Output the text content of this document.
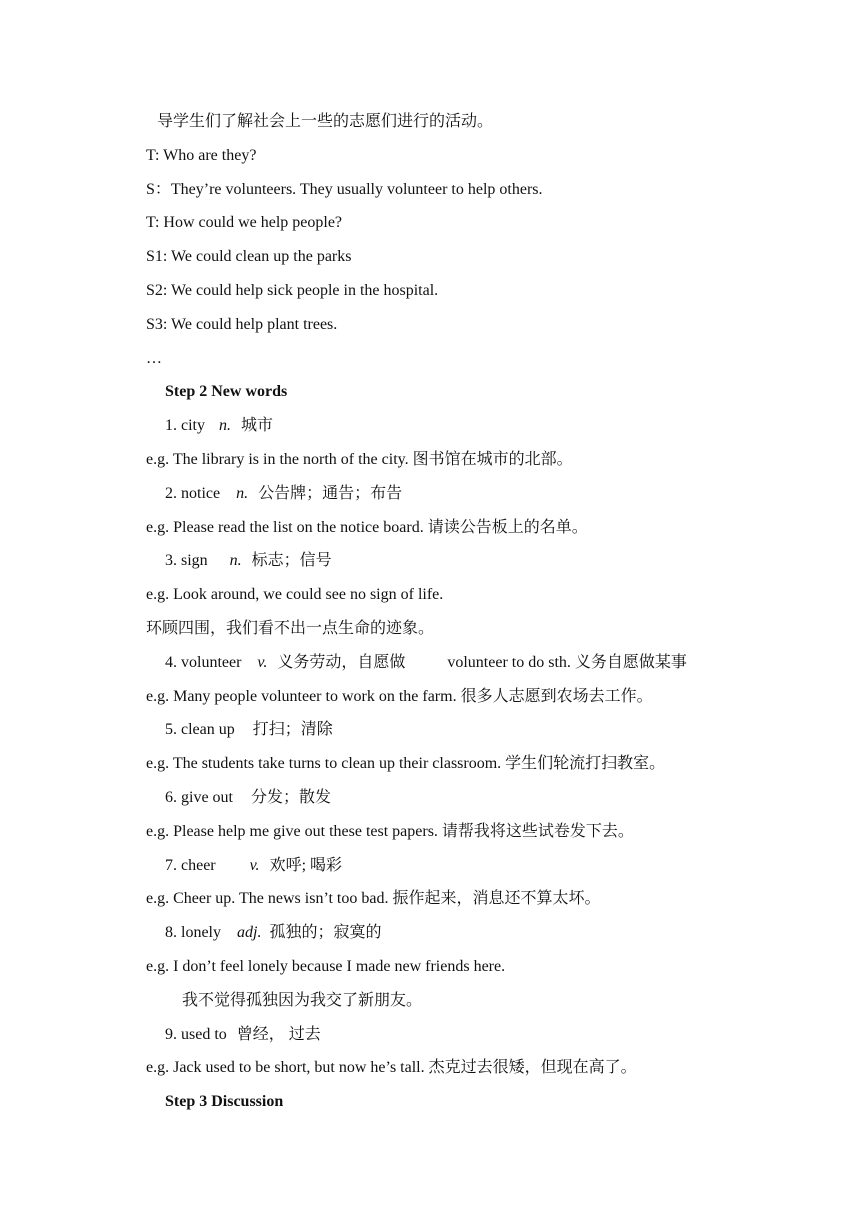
导学生们了解社会上一些的志愿们进行的活动。
T: Who are they?
S：They’re volunteers. They usually volunteer to help others.
T: How could we help people?
S1: We could clean up the parks
S2: We could help sick people in the hospital.
S3: We could help plant trees.
…
Step 2 New words
1. city n. 城市
e.g. The library is in the north of the city. 图书馆在城市的北部。
2. notice n. 公告牌；通告；布告
e.g. Please read the list on the notice board. 请读公告板上的名单。
3. sign n. 标志；信号
e.g. Look around, we could see no sign of life.
环顾四围，我们看不出一点生命的迹象。
4. volunteer v. 义务劳动，自愿做	volunteer to do sth. 义务自愿做某事
e.g. Many people volunteer to work on the farm. 很多人志愿到农场去工作。
5. clean up 打扫；清除
e.g. The students take turns to clean up their classroom. 学生们轮流打扫教室。
6. give out 分发；散发
e.g. Please help me give out these test papers. 请帮我将这些试卷发下去。
7. cheer v. 欢呼; 喝彩
e.g. Cheer up. The news isn’t too bad. 振作起来，消息还不算太坏。
8. lonely adj. 孤独的；寂寞的
e.g. I don’t feel lonely because I made new friends here.
我不觉得孤独因为我交了新朋友。
9. used to 曾经， 过去
e.g. Jack used to be short, but now he’s tall. 杰克过去很矮，但现在高了。
Step 3 Discussion
